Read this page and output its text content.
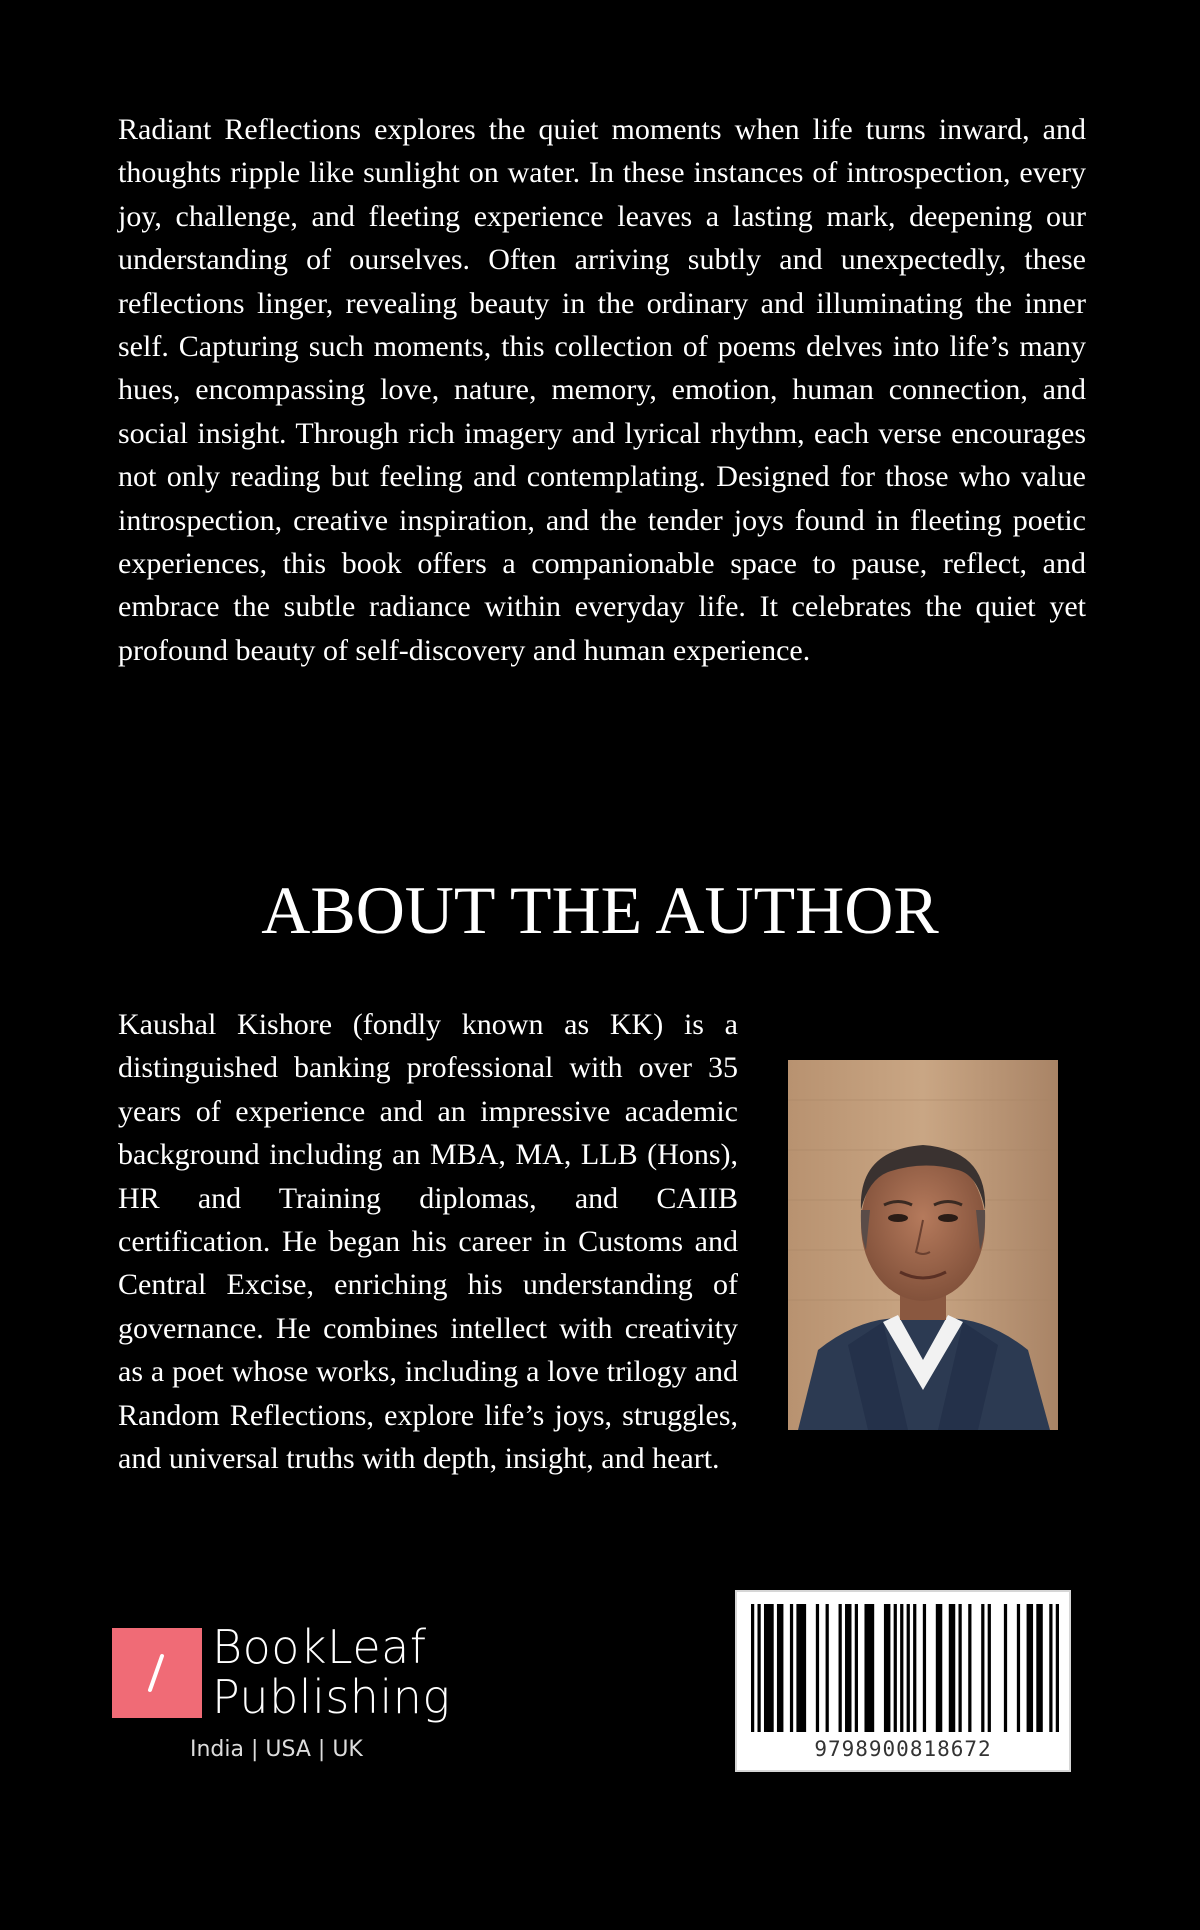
Radiant Reflections explores the quiet moments when life turns inward, and thoughts ripple like sunlight on water. In these instances of introspection, every joy, challenge, and fleeting experience leaves a lasting mark, deepening our understanding of ourselves. Often arriving subtly and unexpectedly, these reflections linger, revealing beauty in the ordinary and illuminating the inner self. Capturing such moments, this collection of poems delves into life’s many hues, encompassing love, nature, memory, emotion, human connection, and social insight. Through rich imagery and lyrical rhythm, each verse encourages not only reading but feeling and contemplating. Designed for those who value introspection, creative inspiration, and the tender joys found in fleeting poetic experiences, this book offers a companionable space to pause, reflect, and embrace the subtle radiance within everyday life. It celebrates the quiet yet profound beauty of self-discovery and human experience.

ABOUT THE AUTHOR

Kaushal Kishore (fondly known as KK) is a distinguished banking professional with over 35 years of experience and an impressive academic background including an MBA, MA, LLB (Hons), HR and Training diplomas, and CAIIB certification. He began his career in Customs and Central Excise, enriching his understanding of governance. He combines intellect with creativity as a poet whose works, including a love trilogy and Random Reflections, explore life’s joys, struggles, and universal truths with depth, insight, and heart.

BookLeaf
Publishing
India | USA | UK	9798900818672
